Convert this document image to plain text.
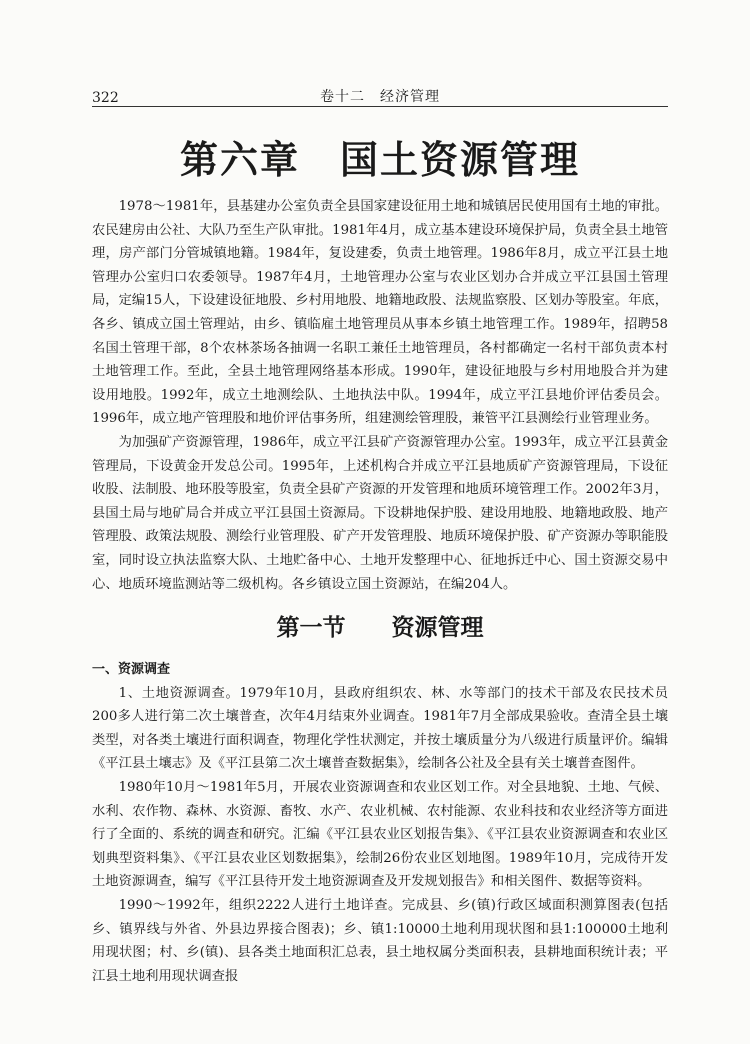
322	卷十二　经济管理
第六章　国土资源管理

1978～1981年，县基建办公室负责全县国家建设征用土地和城镇居民使用国有土地的审批。农民建房由公社、大队乃至生产队审批。1981年4月，成立基本建设环境保护局，负责全县土地管理，房产部门分管城镇地籍。1984年，复设建委，负责土地管理。1986年8月，成立平江县土地管理办公室归口农委领导。1987年4月，土地管理办公室与农业区划办合并成立平江县国土管理局，定编15人，下设建设征地股、乡村用地股、地籍地政股、法规监察股、区划办等股室。年底，各乡、镇成立国土管理站，由乡、镇临雇土地管理员从事本乡镇土地管理工作。1989年，招聘58名国土管理干部，8个农林茶场各抽调一名职工兼任土地管理员，各村都确定一名村干部负责本村土地管理工作。至此，全县土地管理网络基本形成。1990年，建设征地股与乡村用地股合并为建设用地股。1992年，成立土地测绘队、土地执法中队。1994年，成立平江县地价评估委员会。1996年，成立地产管理股和地价评估事务所，组建测绘管理股，兼管平江县测绘行业管理业务。

为加强矿产资源管理，1986年，成立平江县矿产资源管理办公室。1993年，成立平江县黄金管理局，下设黄金开发总公司。1995年，上述机构合并成立平江县地质矿产资源管理局，下设征收股、法制股、地环股等股室，负责全县矿产资源的开发管理和地质环境管理工作。2002年3月，县国土局与地矿局合并成立平江县国土资源局。下设耕地保护股、建设用地股、地籍地政股、地产管理股、政策法规股、测绘行业管理股、矿产开发管理股、地质环境保护股、矿产资源办等职能股室，同时设立执法监察大队、土地贮备中心、土地开发整理中心、征地拆迁中心、国土资源交易中心、地质环境监测站等二级机构。各乡镇设立国土资源站，在编204人。

第一节　　资源管理

一、资源调查

1、土地资源调查。1979年10月，县政府组织农、林、水等部门的技术干部及农民技术员200多人进行第二次土壤普查，次年4月结束外业调查。1981年7月全部成果验收。查清全县土壤类型，对各类土壤进行面积调查，物理化学性状测定，并按土壤质量分为八级进行质量评价。编辑《平江县土壤志》及《平江县第二次土壤普查数据集》，绘制各公社及全县有关土壤普查图件。

1980年10月～1981年5月，开展农业资源调查和农业区划工作。对全县地貌、土地、气候、水利、农作物、森林、水资源、畜牧、水产、农业机械、农村能源、农业科技和农业经济等方面进行了全面的、系统的调查和研究。汇编《平江县农业区划报告集》、《平江县农业资源调查和农业区划典型资料集》、《平江县农业区划数据集》，绘制26份农业区划地图。1989年10月，完成待开发土地资源调查，编写《平江县待开发土地资源调查及开发规划报告》和相关图件、数据等资料。

1990～1992年，组织2222人进行土地详查。完成县、乡(镇)行政区域面积测算图表(包括乡、镇界线与外省、外县边界接合图表)；乡、镇1:10000土地利用现状图和县1:100000土地利用现状图；村、乡(镇)、县各类土地面积汇总表，县土地权属分类面积表，县耕地面积统计表；平江县土地利用现状调查报
